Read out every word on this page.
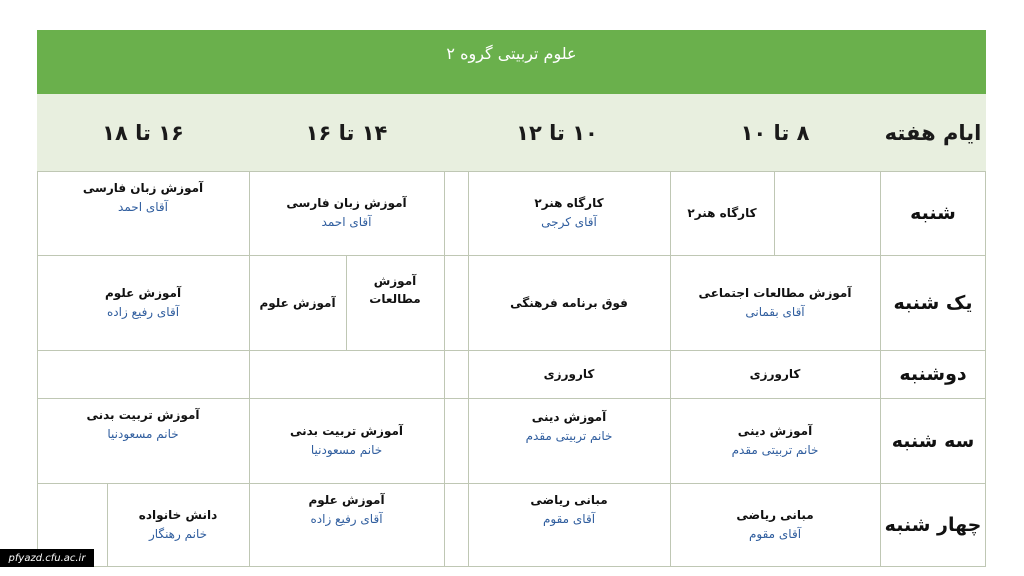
علوم تربیتی گروه ۲
ایام هفته
۸ تا ۱۰
۱۰ تا ۱۲
۱۴ تا ۱۶
۱۶ تا ۱۸
شنبه
یک شنبه
دوشنبه
سه شنبه
چهار شنبه
کارگاه هنر۲
کارگاه هنر۲
آقای کرجی
آموزش زبان فارسی
آقای احمد
آموزش زبان فارسی
آقای احمد
آموزش مطالعات اجتماعی
آقای بقمانی
فوق برنامه فرهنگی
آموزش مطالعات
آموزش علوم
آموزش علوم
آقای رفیع زاده
کارورزی
کارورزی
آموزش دینی
خانم تربیتی مقدم
آموزش دینی
خانم تربیتی مقدم
آموزش تربیت بدنی
خانم مسعودنیا
آموزش تربیت بدنی
خانم مسعودنیا
مبانی ریاضی
آقای مقوم
مبانی ریاضی
آقای مقوم
آموزش علوم
آقای رفیع زاده
دانش خانواده
خانم رهنگار
pfyazd.cfu.ac.ir
